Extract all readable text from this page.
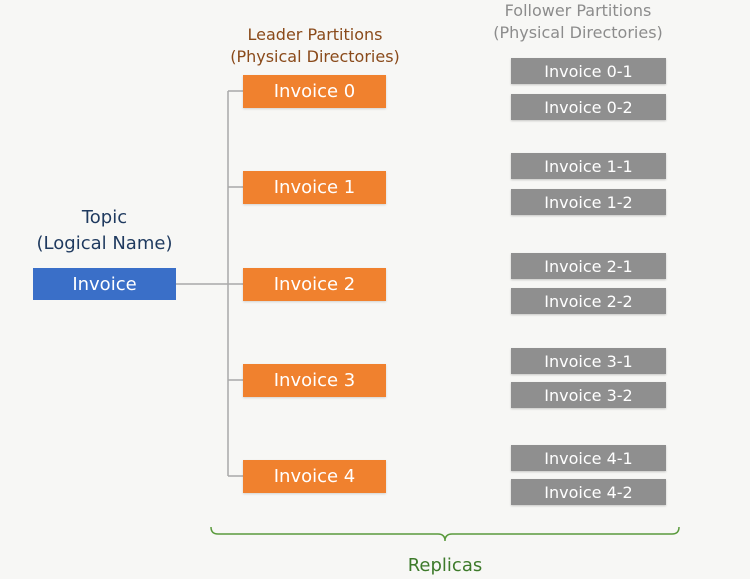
Leader Partitions
(Physical Directories)
Follower Partitions
(Physical Directories)
Topic
(Logical Name)
Invoice
Invoice 0
Invoice 1
Invoice 2
Invoice 3
Invoice 4
Invoice 0-1
Invoice 0-2
Invoice 1-1
Invoice 1-2
Invoice 2-1
Invoice 2-2
Invoice 3-1
Invoice 3-2
Invoice 4-1
Invoice 4-2
Replicas
